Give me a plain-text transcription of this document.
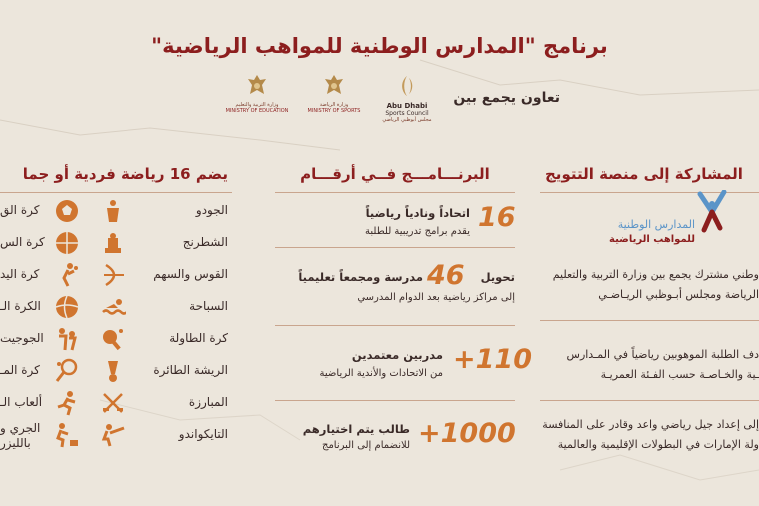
برنامج "المدارس الوطنية للمواهب الرياضية"
تعاون يجمع بين
Abu Dhabi
Sports Council
مجلس أبوظبي الرياضي
وزارة الرياضة
MINISTRY OF SPORTS
وزارة التربية والتعليم
MINISTRY OF EDUCATION
المشاركة إلى منصة التتويج
المدارس الوطنية
للمواهب الرياضية
وطني مشترك يجمع بين وزارة التربية والتعليم
الرياضة ومجلس أبـوظبي الريـاضـي
دف الطلبة الموهوبين رياضياً في المـدارس
ـية والخـاصـة حسب الفـئة العمريـة
إلى إعداد جيل رياضي واعد وقادر على المنافسة
ولة الإمارات في البطولات الإقليمية والعالمية
البرنـــامـــج فــي أرقـــام
16
اتحاداً ونادياً رياضياً
يقدم برامج تدريبية للطلبة
تحويل
46
مدرسة ومجمعاً تعليمياً
إلى مراكز رياضية بعد الدوام المدرسي
110+
مدربين معتمدين
من الاتحادات والأندية الرياضية
1000+
طالب يتم اختيارهم
للانضمام إلى البرنامج
يضم 16 رياضة فردية أو جما
الجودو
الشطرنج
القوس والسهم
السباحة
كرة الطاولة
الريشة الطائرة
المبارزة
التايكواندو
كرة الق
كرة الس
كرة اليد
الكرة الـ
الجوجيت
كرة المـ
ألعاب الـ
الجري و
بالليزر
